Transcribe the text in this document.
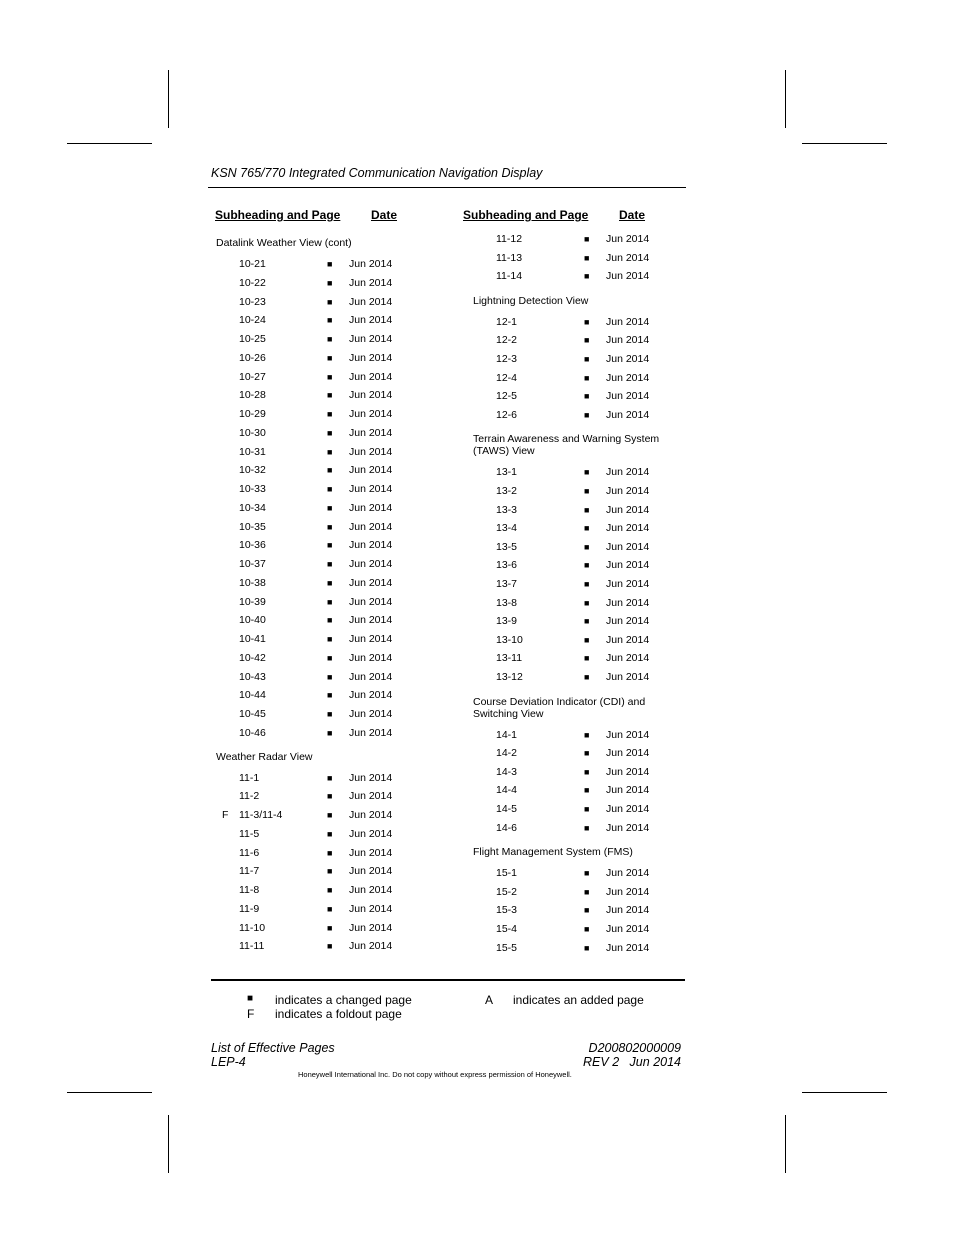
KSN 765/770 Integrated Communication Navigation Display
Subheading and Page	Date
Datalink Weather View (cont)
10-21	■ Jun 2014
10-22	■ Jun 2014
10-23	■ Jun 2014
10-24	■ Jun 2014
10-25	■ Jun 2014
10-26	■ Jun 2014
10-27	■ Jun 2014
10-28	■ Jun 2014
10-29	■ Jun 2014
10-30	■ Jun 2014
10-31	■ Jun 2014
10-32	■ Jun 2014
10-33	■ Jun 2014
10-34	■ Jun 2014
10-35	■ Jun 2014
10-36	■ Jun 2014
10-37	■ Jun 2014
10-38	■ Jun 2014
10-39	■ Jun 2014
10-40	■ Jun 2014
10-41	■ Jun 2014
10-42	■ Jun 2014
10-43	■ Jun 2014
10-44	■ Jun 2014
10-45	■ Jun 2014
10-46	■ Jun 2014
Weather Radar View
11-1	■ Jun 2014
11-2	■ Jun 2014
F 11-3/11-4	■ Jun 2014
11-5	■ Jun 2014
11-6	■ Jun 2014
11-7	■ Jun 2014
11-8	■ Jun 2014
11-9	■ Jun 2014
11-10	■ Jun 2014
11-11	■ Jun 2014
Subheading and Page	Date
11-12	■ Jun 2014
11-13	■ Jun 2014
11-14	■ Jun 2014
Lightning Detection View
12-1	■ Jun 2014
12-2	■ Jun 2014
12-3	■ Jun 2014
12-4	■ Jun 2014
12-5	■ Jun 2014
12-6	■ Jun 2014
Terrain Awareness and Warning System (TAWS) View
13-1	■ Jun 2014
13-2	■ Jun 2014
13-3	■ Jun 2014
13-4	■ Jun 2014
13-5	■ Jun 2014
13-6	■ Jun 2014
13-7	■ Jun 2014
13-8	■ Jun 2014
13-9	■ Jun 2014
13-10	■ Jun 2014
13-11	■ Jun 2014
13-12	■ Jun 2014
Course Deviation Indicator (CDI) and Switching View
14-1	■ Jun 2014
14-2	■ Jun 2014
14-3	■ Jun 2014
14-4	■ Jun 2014
14-5	■ Jun 2014
14-6	■ Jun 2014
Flight Management System (FMS)
15-1	■ Jun 2014
15-2	■ Jun 2014
15-3	■ Jun 2014
15-4	■ Jun 2014
15-5	■ Jun 2014
■ indicates a changed page
F indicates a foldout page
A indicates an added page
List of Effective Pages
LEP-4
D200802000009
REV 2   Jun 2014
Honeywell International Inc. Do not copy without express permission of Honeywell.
